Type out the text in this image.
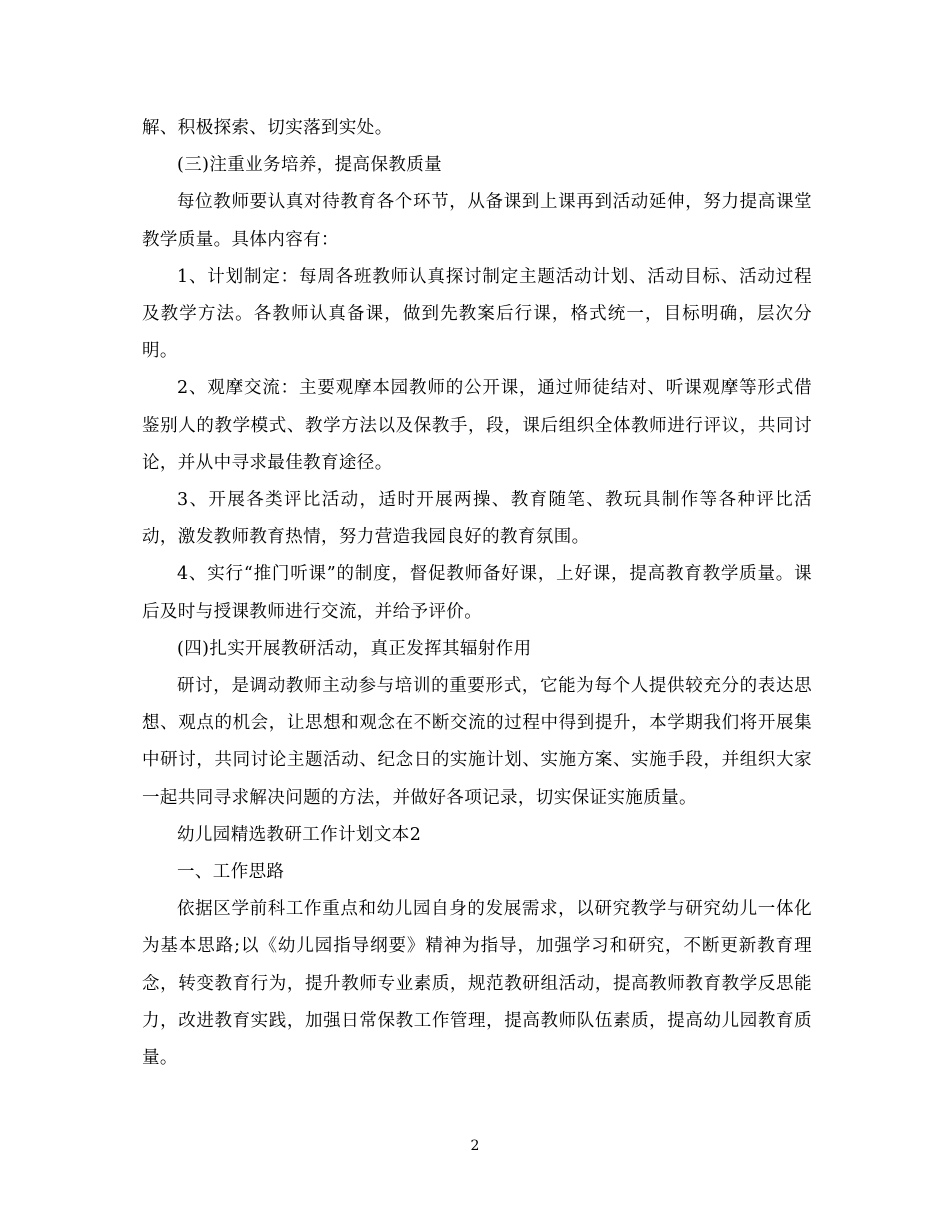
解、积极探索、切实落到实处。

(三)注重业务培养，提高保教质量

每位教师要认真对待教育各个环节，从备课到上课再到活动延伸，努力提高课堂教学质量。具体内容有：

1、计划制定：每周各班教师认真探讨制定主题活动计划、活动目标、活动过程及教学方法。各教师认真备课，做到先教案后行课，格式统一，目标明确，层次分明。

2、观摩交流：主要观摩本园教师的公开课，通过师徒结对、听课观摩等形式借鉴别人的教学模式、教学方法以及保教手，段，课后组织全体教师进行评议，共同讨论，并从中寻求最佳教育途径。

3、开展各类评比活动，适时开展两操、教育随笔、教玩具制作等各种评比活动，激发教师教育热情，努力营造我园良好的教育氛围。

4、实行“推门听课”的制度，督促教师备好课，上好课，提高教育教学质量。课后及时与授课教师进行交流，并给予评价。

(四)扎实开展教研活动，真正发挥其辐射作用

研讨，是调动教师主动参与培训的重要形式，它能为每个人提供较充分的表达思想、观点的机会，让思想和观念在不断交流的过程中得到提升，本学期我们将开展集中研讨，共同讨论主题活动、纪念日的实施计划、实施方案、实施手段，并组织大家一起共同寻求解决问题的方法，并做好各项记录，切实保证实施质量。

幼儿园精选教研工作计划文本2

一、工作思路

依据区学前科工作重点和幼儿园自身的发展需求，以研究教学与研究幼儿一体化为基本思路;以《幼儿园指导纲要》精神为指导，加强学习和研究，不断更新教育理念，转变教育行为，提升教师专业素质，规范教研组活动，提高教师教育教学反思能力，改进教育实践，加强日常保教工作管理，提高教师队伍素质，提高幼儿园教育质量。

2
